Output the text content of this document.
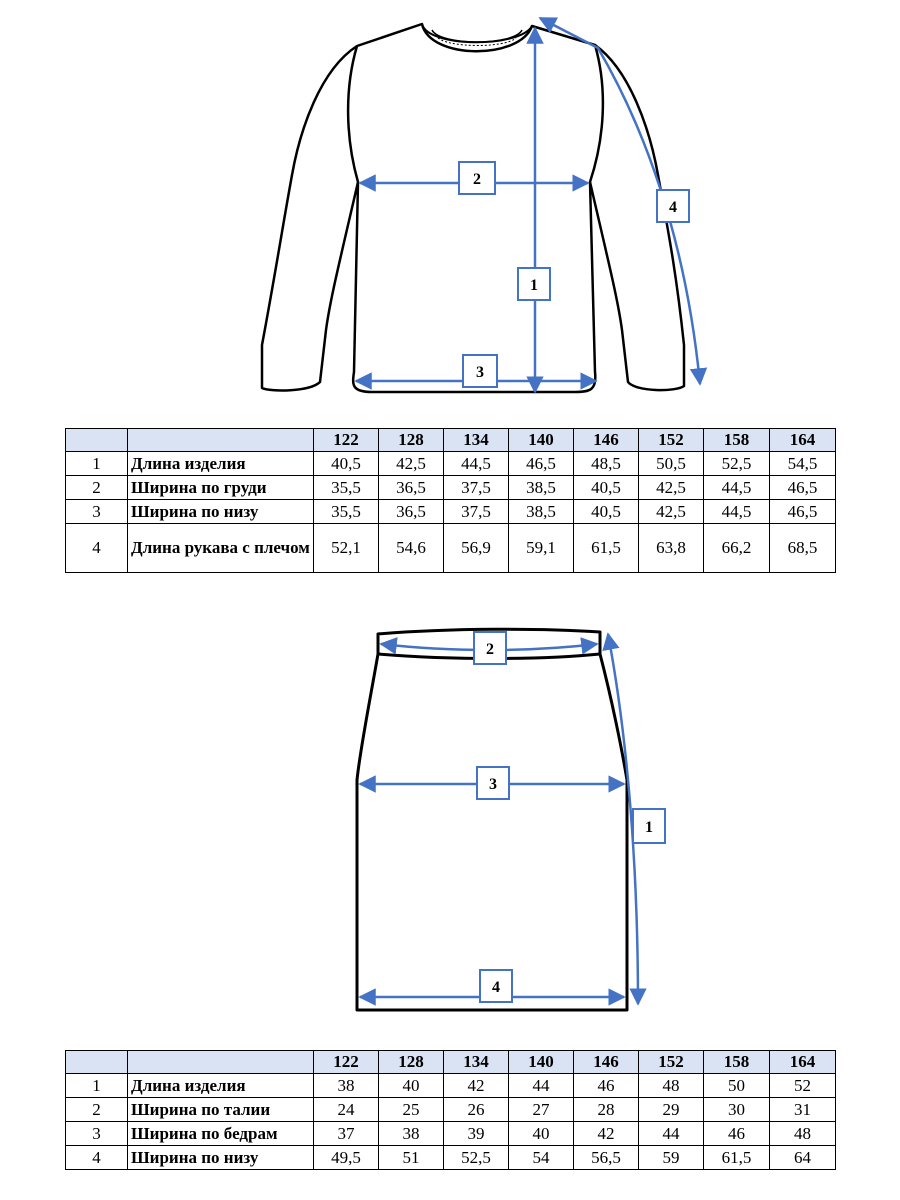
1
2
3
4
		122	128	134	140	146	152	158	164
1	Длина изделия	40,5	42,5	44,5	46,5	48,5	50,5	52,5	54,5
2	Ширина по груди	35,5	36,5	37,5	38,5	40,5	42,5	44,5	46,5
3	Ширина по низу	35,5	36,5	37,5	38,5	40,5	42,5	44,5	46,5
4	Длина рукава с плечом	52,1	54,6	56,9	59,1	61,5	63,8	66,2	68,5
1
2
3
4
		122	128	134	140	146	152	158	164
1	Длина изделия	38	40	42	44	46	48	50	52
2	Ширина по талии	24	25	26	27	28	29	30	31
3	Ширина по бедрам	37	38	39	40	42	44	46	48
4	Ширина по низу	49,5	51	52,5	54	56,5	59	61,5	64
